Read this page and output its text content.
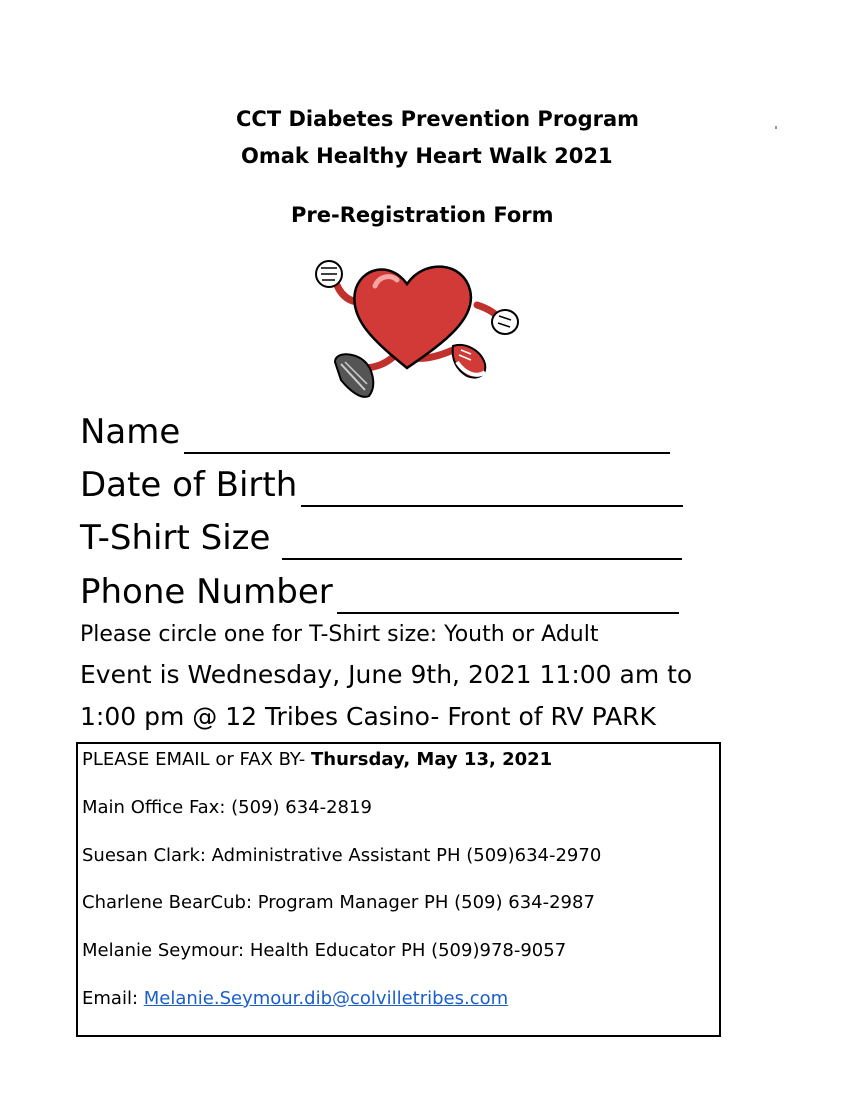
CCT Diabetes Prevention Program
Omak Healthy Heart Walk 2021
Pre-Registration Form
Name
Date of Birth
T-Shirt Size
Phone Number
Please circle one for T-Shirt size: Youth or Adult
Event is Wednesday, June 9th, 2021 11:00 am to
1:00 pm @ 12 Tribes Casino- Front of RV PARK
PLEASE EMAIL or FAX BY- Thursday, May 13, 2021
Main Office Fax: (509) 634-2819
Suesan Clark: Administrative Assistant PH (509)634-2970
Charlene BearCub: Program Manager PH (509) 634-2987
Melanie Seymour: Health Educator PH (509)978-9057
Email: Melanie.Seymour.dib@colvilletribes.com
